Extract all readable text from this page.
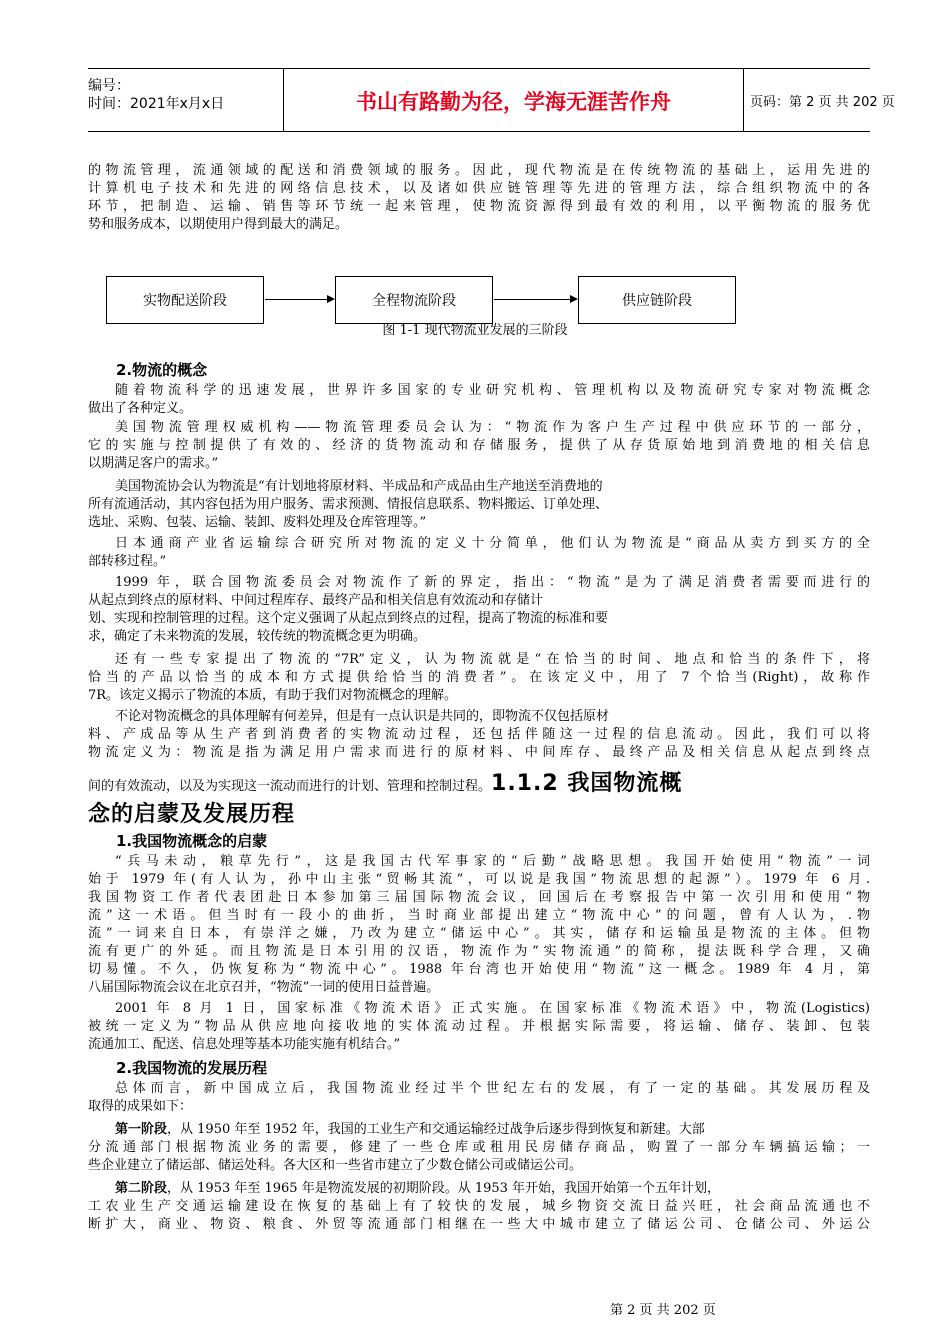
编号：
时间：2021年x月x日	书山有路勤为径，学海无涯苦作舟	页码：第 2 页 共 202 页
的物流管理，流通领域的配送和消费领域的服务。因此，现代物流是在传统物流的基础上，运用先进的
计算机电子技术和先进的网络信息技术，以及诸如供应链管理等先进的管理方法，综合组织物流中的各
环节，把制造、运输、销售等环节统一起来管理，使物流资源得到最有效的利用，以平衡物流的服务优
势和服务成本，以期使用户得到最大的满足。
实物配送阶段	全程物流阶段	供应链阶段
图 1-1 现代物流业发展的三阶段
2.物流的概念
随着物流科学的迅速发展，世界许多国家的专业研究机构、管理机构以及物流研究专家对物流概念
做出了各种定义。
美国物流管理权威机构——物流管理委员会认为：“物流作为客户生产过程中供应环节的一部分，
它的实施与控制提供了有效的、经济的货物流动和存储服务，提供了从存货原始地到消费地的相关信息
以期满足客户的需求。”
美国物流协会认为物流是“有计划地将原材料、半成品和产成品由生产地送至消费地的
所有流通活动，其内容包括为用户服务、需求预测、情报信息联系、物料搬运、订单处理、
选址、采购、包装、运输、装卸、废料处理及仓库管理等。”
日本通商产业省运输综合研究所对物流的定义十分简单，他们认为物流是“商品从卖方到买方的全
部转移过程。”
1999 年，联合国物流委员会对物流作了新的界定，指出：“物流”是为了满足消费者需要而进行的
从起点到终点的原材料、中间过程库存、最终产品和相关信息有效流动和存储计
划、实现和控制管理的过程。这个定义强调了从起点到终点的过程，提高了物流的标准和要
求，确定了未来物流的发展，较传统的物流概念更为明确。
还有一些专家提出了物流的“7R”定义，认为物流就是“在恰当的时间、地点和恰当的条件下，将
恰当的产品以恰当的成本和方式提供给恰当的消费者”。在该定义中，用了 7 个恰当(Right)，故称作
7R。该定义揭示了物流的本质，有助于我们对物流概念的理解。
不论对物流概念的具体理解有何差异，但是有一点认识是共同的，即物流不仅包括原材
料、产成品等从生产者到消费者的实物流动过程，还包括伴随这一过程的信息流动。因此，我们可以将
物流定义为：物流是指为满足用户需求而进行的原材料、中间库存、最终产品及相关信息从起点到终点
间的有效流动，以及为实现这一流动而进行的计划、管理和控制过程。1.1.2 我国物流概
念的启蒙及发展历程
1.我国物流概念的启蒙
“兵马未动，粮草先行”，这是我国古代军事家的“后勤”战略思想。我国开始使用“物流”一词
始于 1979 年(有人认为，孙中山主张“贸畅其流”，可以说是我国“物流思想的起源”）。1979 年 6 月.
我国物资工作者代表团赴日本参加第三届国际物流会议，回国后在考察报告中第一次引用和使用“物
流”这一术语。但当时有一段小的曲折，当时商业部提出建立“物流中心”的问题，曾有人认为，.物
流”一词来自日本，有崇洋之嫌，乃改为建立“储运中心”。其实，储存和运输虽是物流的主体。但物
流有更广的外延。而且物流是日本引用的汉语，物流作为“实物流通”的简称，提法既科学合理，又确
切易懂。不久，仍恢复称为“物流中心”。1988 年台湾也开始使用“物流”这一概念。1989 年 4 月，第
八届国际物流会议在北京召并，“物流”一词的使用日益普遍。
2001 年 8 月 1 日，国家标准《物流术语》正式实施。在国家标准《物流术语》中，物流(Logistics)
被统一定义为“物品从供应地向接收地的实体流动过程。并根据实际需要，将运输、储存、装卸、包装
流通加工、配送、信息处理等基本功能实施有机结合。”
2.我国物流的发展历程
总体而言，新中国成立后，我国物流业经过半个世纪左右的发展，有了一定的基础。其发展历程及
取得的成果如下：
第一阶段，从 1950 年至 1952 年，我国的工业生产和交通运输经过战争后逐步得到恢复和新建。大部
分流通部门根据物流业务的需要，修建了一些仓库或租用民房储存商品，购置了一部分车辆搞运输；一
些企业建立了储运部、储运处科。各大区和一些省市建立了少数仓储公司或储运公司。
第二阶段，从 1953 年至 1965 年是物流发展的初期阶段。从 1953 年开始，我国开始第一个五年计划，
工农业生产交通运输建设在恢复的基础上有了较快的发展，城乡物资交流日益兴旺，社会商品流通也不
断扩大，商业、物资、粮食、外贸等流通部门相继在一些大中城市建立了储运公司、仓储公司、外运公
第 2 页 共 202 页
